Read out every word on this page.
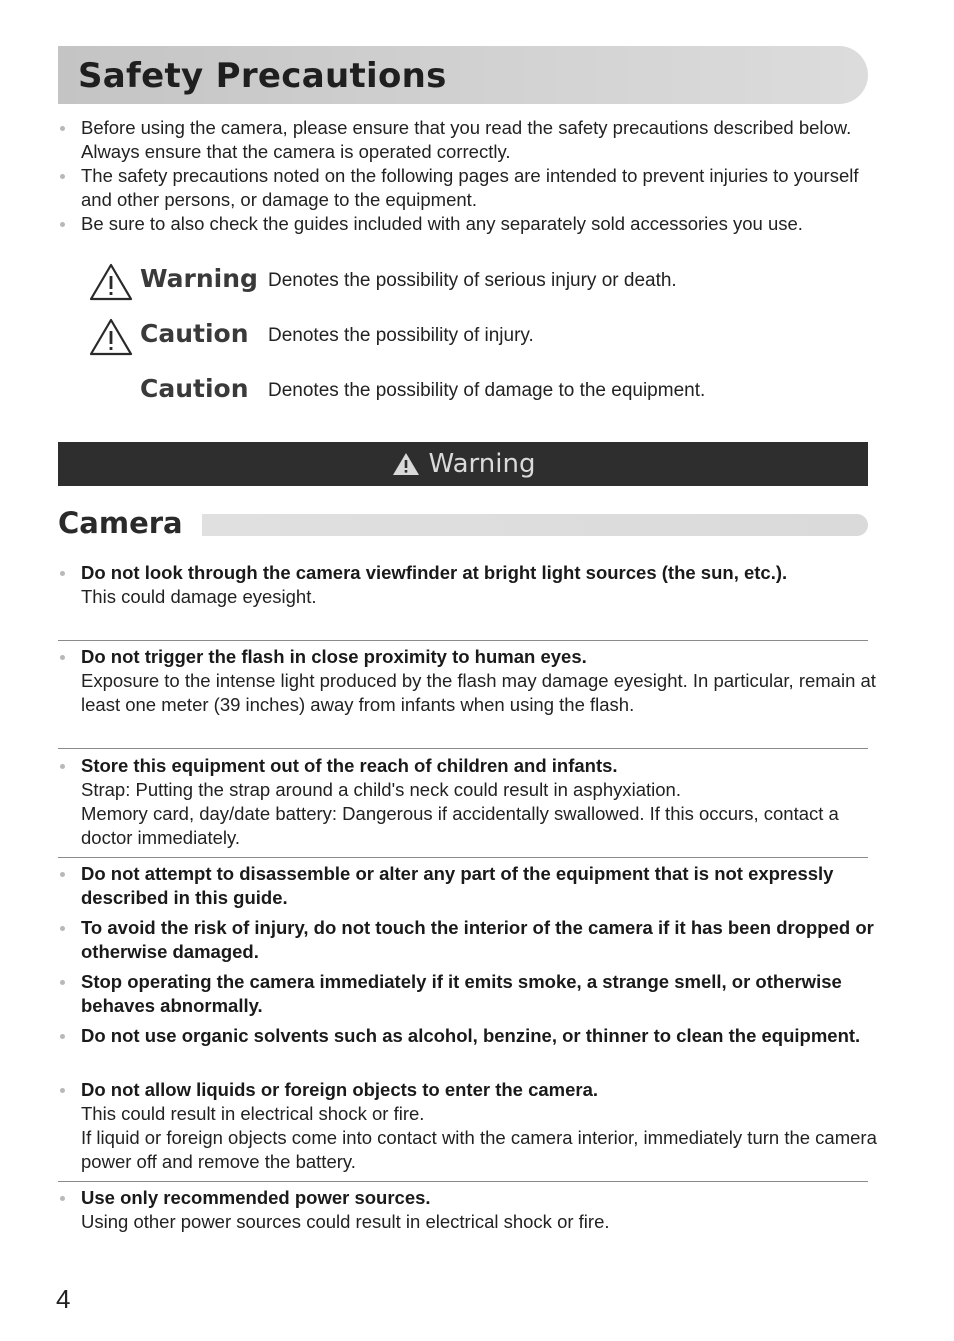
Safety Precautions
Before using the camera, please ensure that you read the safety precautions described below. Always ensure that the camera is operated correctly.
The safety precautions noted on the following pages are intended to prevent injuries to yourself and other persons, or damage to the equipment.
Be sure to also check the guides included with any separately sold accessories you use.
Warning Denotes the possibility of serious injury or death.
Caution Denotes the possibility of injury.
Caution Denotes the possibility of damage to the equipment.
Warning
Camera
Do not look through the camera viewfinder at bright light sources (the sun, etc.).
This could damage eyesight.
Do not trigger the flash in close proximity to human eyes.
Exposure to the intense light produced by the flash may damage eyesight. In particular, remain at least one meter (39 inches) away from infants when using the flash.
Store this equipment out of the reach of children and infants.
Strap: Putting the strap around a child's neck could result in asphyxiation.
Memory card, day/date battery: Dangerous if accidentally swallowed. If this occurs, contact a doctor immediately.
Do not attempt to disassemble or alter any part of the equipment that is not expressly described in this guide.
To avoid the risk of injury, do not touch the interior of the camera if it has been dropped or otherwise damaged.
Stop operating the camera immediately if it emits smoke, a strange smell, or otherwise behaves abnormally.
Do not use organic solvents such as alcohol, benzine, or thinner to clean the equipment.
Do not allow liquids or foreign objects to enter the camera.
This could result in electrical shock or fire.
If liquid or foreign objects come into contact with the camera interior, immediately turn the camera power off and remove the battery.
Use only recommended power sources.
Using other power sources could result in electrical shock or fire.
4
